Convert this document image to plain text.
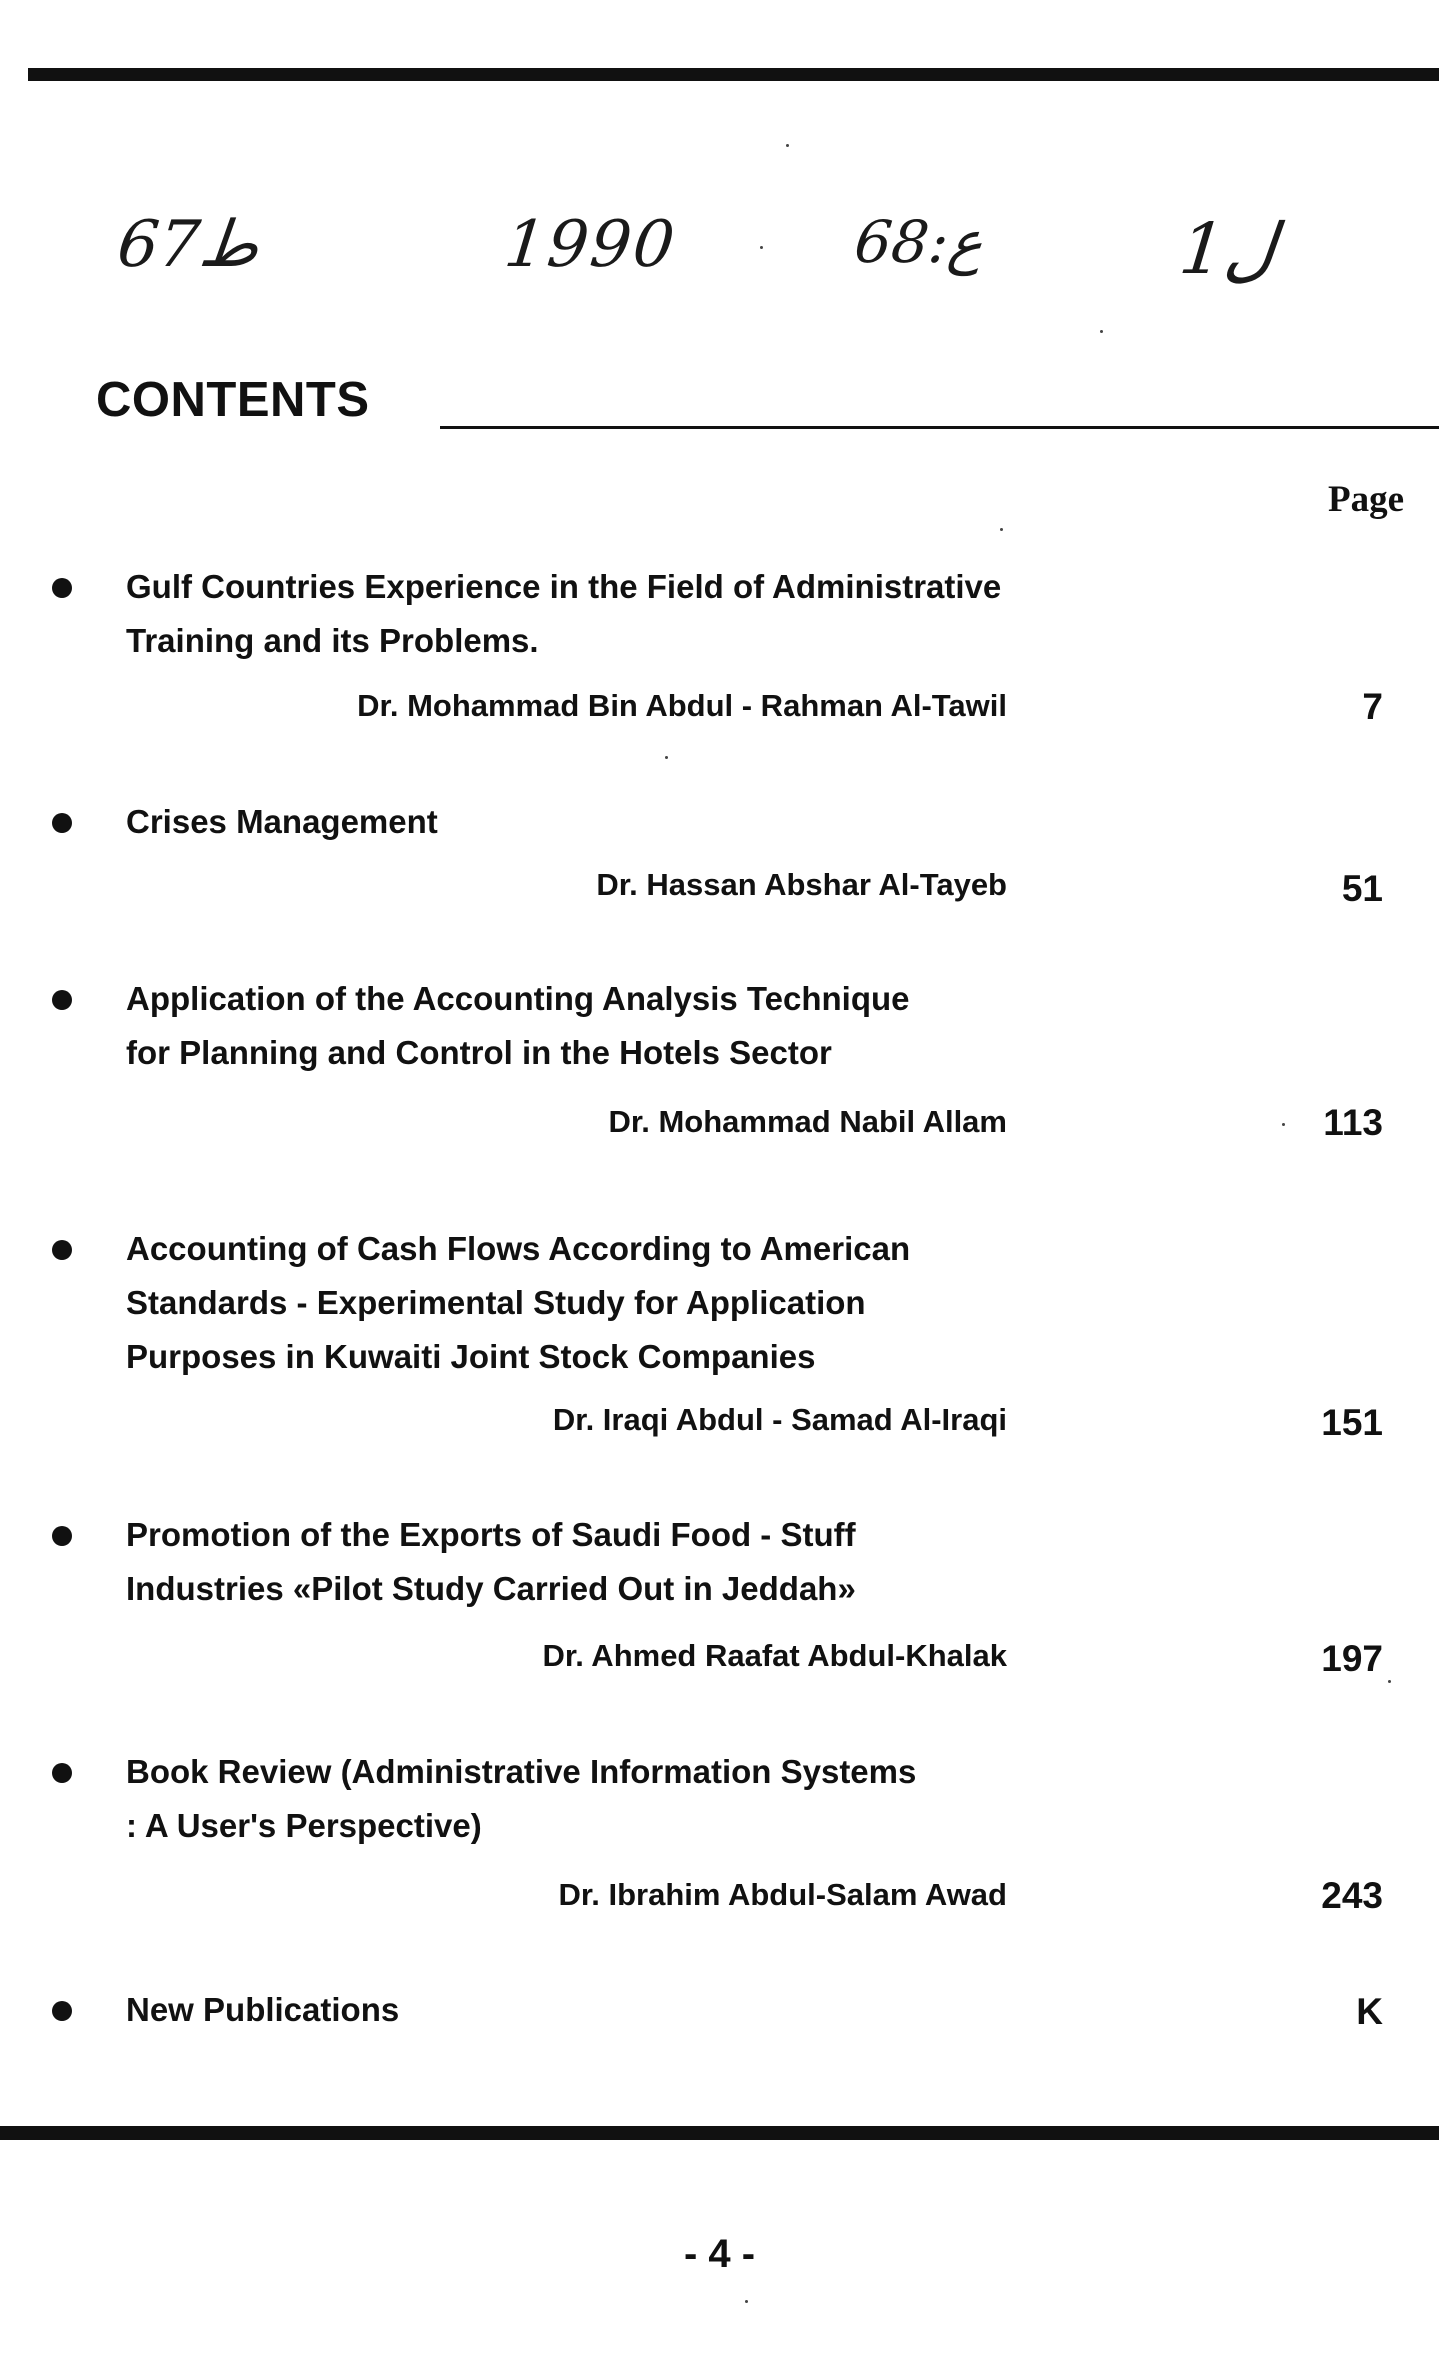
67ط	1990	ع:68	ل1
CONTENTS
Page
Gulf Countries Experience in the Field of Administrative
Training and its Problems.
Dr. Mohammad Bin Abdul - Rahman Al-Tawil	7
Crises Management
Dr. Hassan Abshar Al-Tayeb	51
Application of the Accounting Analysis Technique
for Planning and Control in the Hotels Sector
Dr. Mohammad Nabil Allam	113
Accounting of Cash Flows According to American
Standards - Experimental Study for Application
Purposes in Kuwaiti Joint Stock Companies
Dr. Iraqi Abdul - Samad Al-Iraqi	151
Promotion of the Exports of Saudi Food - Stuff
Industries «Pilot Study Carried Out in Jeddah»
Dr. Ahmed Raafat Abdul-Khalak	197
Book Review (Administrative Information Systems
: A User's Perspective)
Dr. Ibrahim Abdul-Salam Awad	243
New Publications	K
- 4 -
